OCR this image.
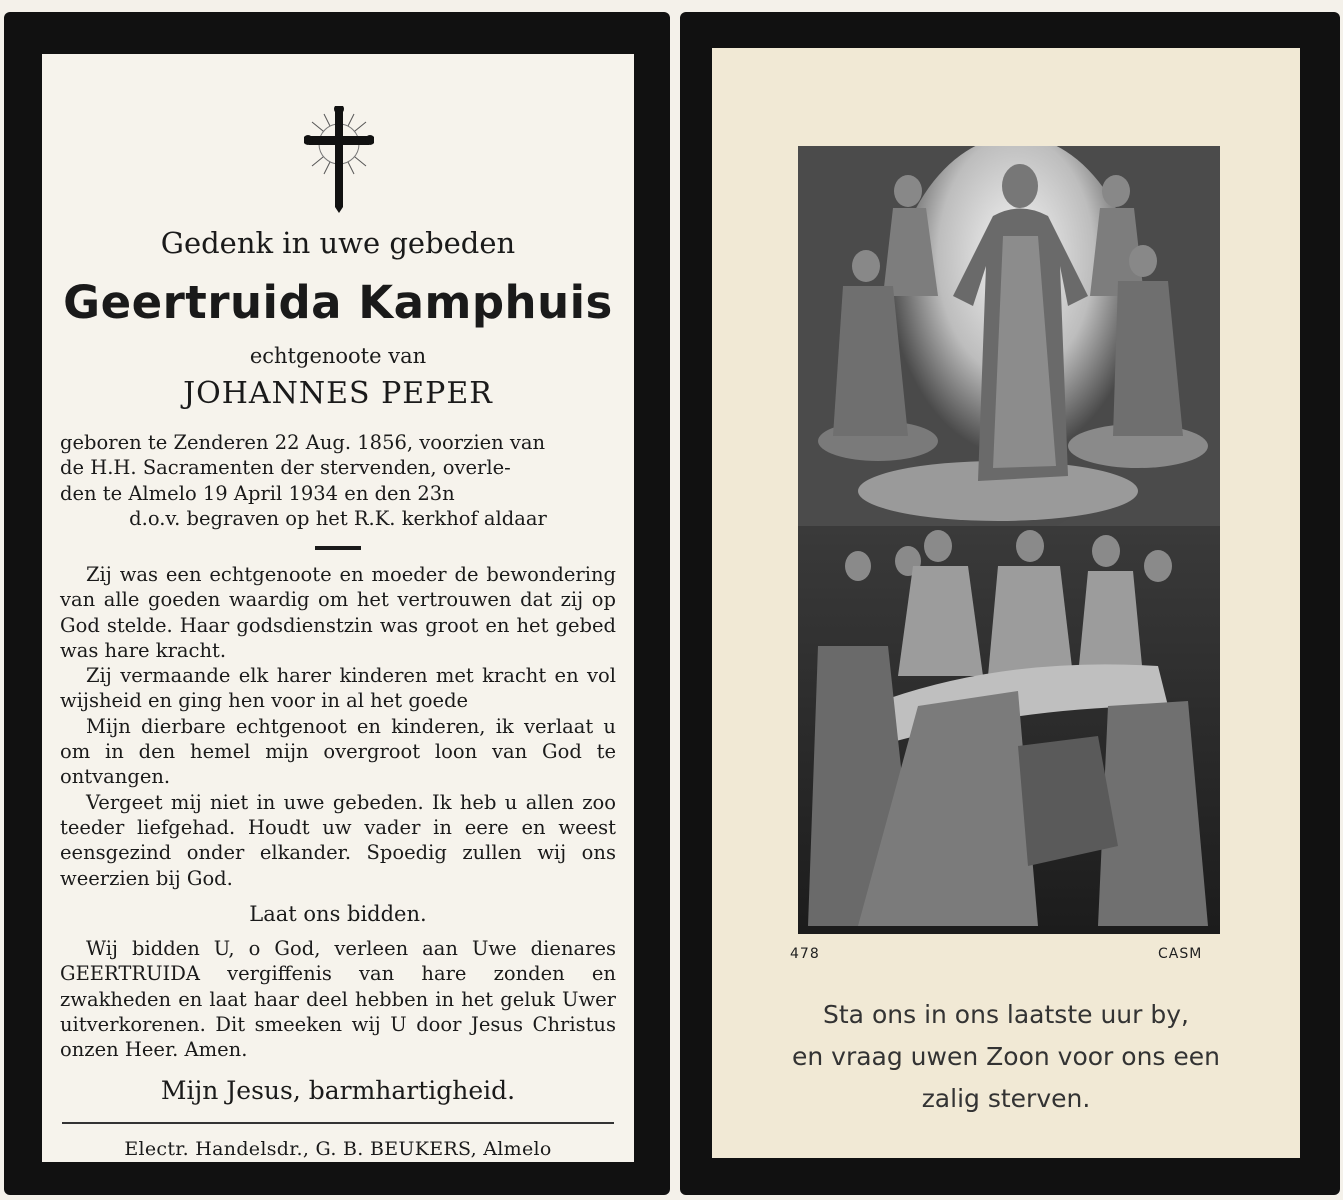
Gedenk in uwe gebeden
Geertruida Kamphuis
echtgenoote van
JOHANNES PEPER

geboren te Zenderen 22 Aug. 1856, voorzien van

de H.H. Sacramenten der stervenden, overle-

den te Almelo 19 April 1934 en den 23n

d.o.v. begraven op het R.K. kerkhof aldaar

Zij was een echtgenoote en moeder de bewondering van alle goeden waardig om het vertrouwen dat zij op God stelde. Haar godsdienstzin was groot en het gebed was hare kracht.

Zij vermaande elk harer kinderen met kracht en vol wijsheid en ging hen voor in al het goede

Mijn dierbare echtgenoot en kinderen, ik verlaat u om in den hemel mijn overgroot loon van God te ontvangen.

Vergeet mij niet in uwe gebeden. Ik heb u allen zoo teeder liefgehad. Houdt uw vader in eere en weest eensgezind onder elkander. Spoedig zullen wij ons weerzien bij God.

Laat ons bidden.

Wij bidden U, o God, verleen aan Uwe dienares GEERTRUIDA vergiffenis van hare zonden en zwakheden en laat haar deel hebben in het geluk Uwer uitverkorenen. Dit smeeken wij U door Jesus Christus onzen Heer. Amen.

Mijn Jesus, barmhartigheid.
Electr. Handelsdr., G. B. BEUKERS, Almelo
478	CASM
Sta ons in ons laatste uur by,
en vraag uwen Zoon voor ons een
zalig sterven.
